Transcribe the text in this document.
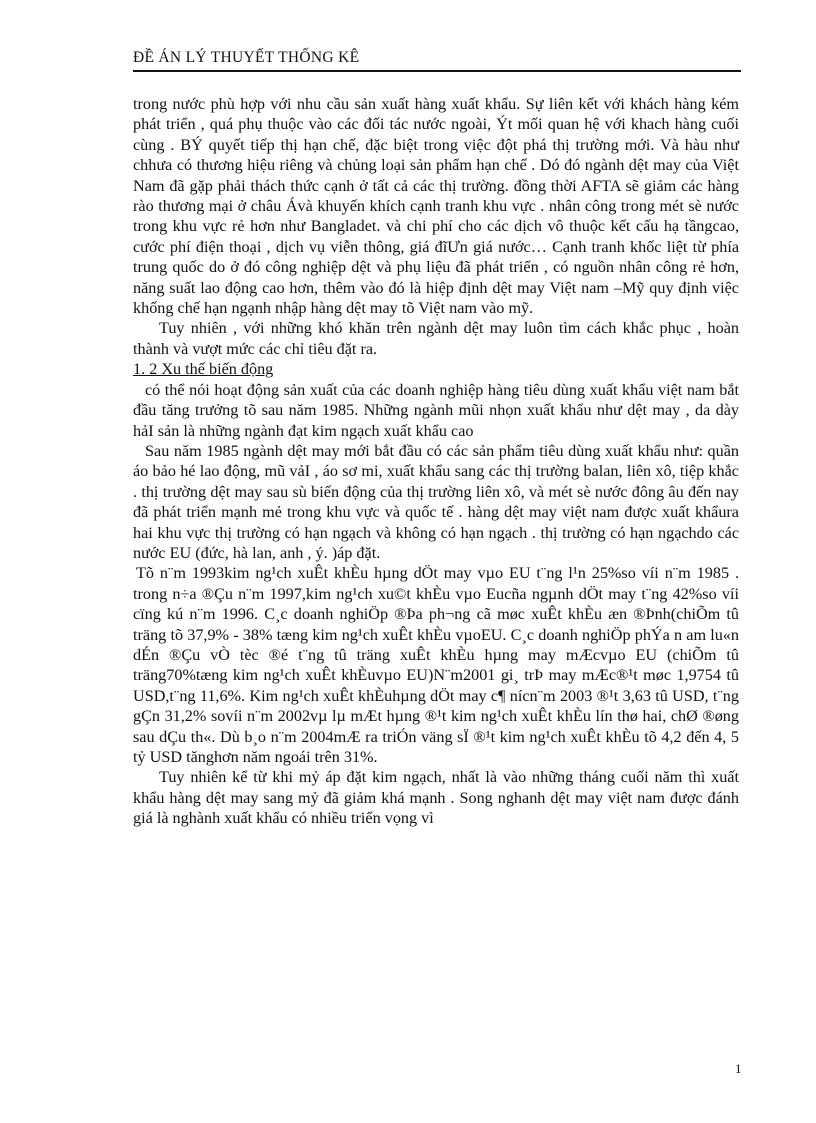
ĐỀ ÁN LÝ THUYẾT THỐNG KÊ

trong nước phù hợp với nhu cầu sản xuất hàng xuất khẩu. Sự liên kết với khách hàng kém phát triển , quá phụ thuộc vào các đối tác nước ngoài, Ýt mối quan hệ với khach hàng cuối cùng . BÝ quyết tiếp thị hạn chế, đặc biệt trong việc đột phá thị trường mới. Và hàu như chhưa có thương hiệu riêng và chủng loại sản phẩm hạn chế . Dó đó ngành dệt may của Việt Nam đã gặp phải thách thức cạnh ở tất cả các thị trường. đồng thời AFTA sẽ giảm các hàng rào thương mại ở châu Ávà khuyến khích cạnh tranh khu vực . nhân công trong mét sè nước trong khu vực rẻ hơn như Bangladet. và chi phí cho các dịch vô thuộc kết cấu hạ tầngcao, cước phí điện thoại , dịch vụ viễn thông, giá đĩƯn giá nước… Cạnh tranh khốc liệt từ phía trung quốc do ở đó công nghiệp dệt và phụ liệu đã phát triển , có nguồn nhân công rẻ hơn, năng suất lao động cao hơn, thêm vào đó là hiệp định dệt may Việt nam –Mỹ quy định việc khống chế hạn ngạnh nhập hàng dệt may tõ Việt nam vào mỹ.

Tuy nhiên , với những khó khăn trên ngành dệt may luôn tìm cách khắc phục , hoàn thành và vượt mức các chỉ tiêu đặt ra.

1. 2 Xu thế biến động

có thể nói hoạt động sản xuất của các doanh nghiệp hàng tiêu dùng xuất khẩu việt nam bắt đầu tăng trưởng tõ sau năm 1985. Những ngành mũi nhọn xuất khẩu như dệt may , da dày hảI sản là những ngành đạt kim ngạch xuất khẩu cao

Sau năm 1985 ngành dệt may mới bắt đầu có các sản phẩm tiêu dùng xuất khẩu như: quần áo bảo hé lao động, mũ vảI , áo sơ mi, xuất khẩu sang các thị trường balan, liên xô, tiệp khắc . thị trường dệt may sau sù biến động của thị trường liên xô, và mét sè nước đông âu đến nay đã phát triển mạnh mẻ trong khu vực và quốc tế . hàng dệt may việt nam được xuất khẩura hai khu vực thị trường có hạn ngạch và không có hạn ngạch . thị trường có hạn ngạchdo các nước EU (đức, hà lan, anh , ý. )áp đặt.

Tõ n¨m 1993kim ng¹ch xuÊt khÈu hµng dÖt may vµo EU t¨ng l¹n 25%so víi n¨m 1985 . trong n÷a ®Çu n¨m 1997,kim ng¹ch xu©t khÈu vµo Eucña ngµnh dÖt may t¨ng 42%so víi cïng kú n¨m 1996. C¸c doanh nghiÖp ®Þa ph¬ng cã møc xuÊt khÈu æn ®Þnh(chiÕm tû träng tõ 37,9% - 38% tæng kim ng¹ch xuÊt khÈu vµoEU. C¸c doanh nghiÖp phÝa n am lu«n dÉn ®Çu vÒ tèc ®é t¨ng tû träng xuÊt khÈu hµng may mÆcvµo EU (chiÕm tû träng70%tæng kim ng¹ch xuÊt khÈuvµo EU)N¨m2001 gi¸ trÞ may mÆc®¹t møc 1,9754 tû USD,t¨ng 11,6%. Kim ng¹ch xuÊt khÈuhµng dÖt may c¶ nícn¨m 2003 ®¹t 3,63 tû USD, t¨ng gÇn 31,2% sovíi n¨m 2002vµ lµ mÆt hµng ®¹t kim ng¹ch xuÊt khÈu lín thø hai, chØ ®øng sau dÇu th«. Dù b¸o n¨m 2004mÆ ra triÓn väng sÏ ®¹t kim ng¹ch xuÊt khÈu tõ 4,2 đến 4, 5 tỷ USD tănghơn năm ngoái trên 31%.

Tuy nhiên kể từ khi mỷ áp đặt kim ngạch, nhất là vào những tháng cuối năm thì xuất khẩu hàng dệt may sang mỷ đã giảm khá mạnh . Song nghanh dệt may việt nam được đánh giá là nghành xuất khẩu có nhiều triển vọng vì

1
